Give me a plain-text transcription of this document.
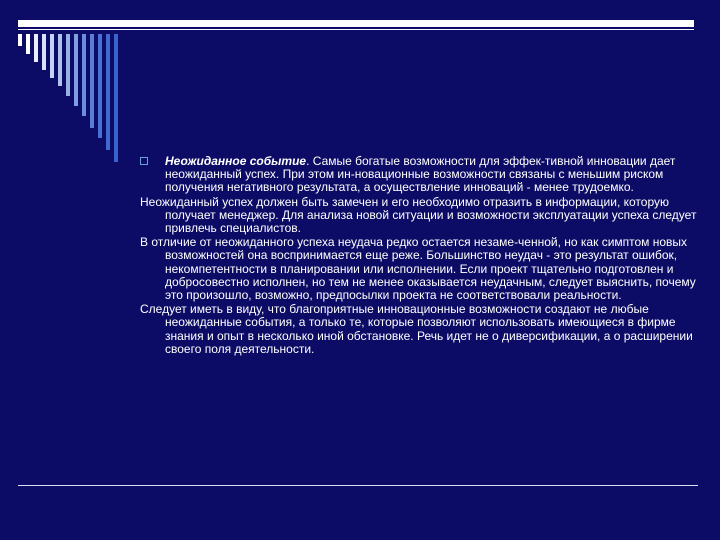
Неожиданное событие. Самые богатые возможности для эффек-тивной инновации дает неожиданный успех. При этом ин-новационные возможности связаны с меньшим риском получения негативного результата, а осуществление инноваций - менее трудоемко.

Неожиданный успех должен быть замечен и его необходимо отразить в информации, которую получает менеджер. Для анализа новой ситуации и возможности эксплуатации успеха следует привлечь специалистов.

В отличие от неожиданного успеха неудача редко остается незаме-ченной, но как симптом новых возможностей она воспринимается еще реже. Большинство неудач - это результат ошибок, некомпетентности в планировании или исполнении. Если проект тщательно подготовлен и добросовестно исполнен, но тем не менее оказывается неудачным, следует выяснить, почему это произошло, возможно, предпосылки проекта не соответствовали реальности.

Следует иметь в виду, что благоприятные инновационные возможности создают не любые неожиданные события, а только те, которые позволяют использовать имеющиеся в фирме знания и опыт в несколько иной обстановке. Речь идет не о диверсификации, а о расширении своего поля деятельности.
